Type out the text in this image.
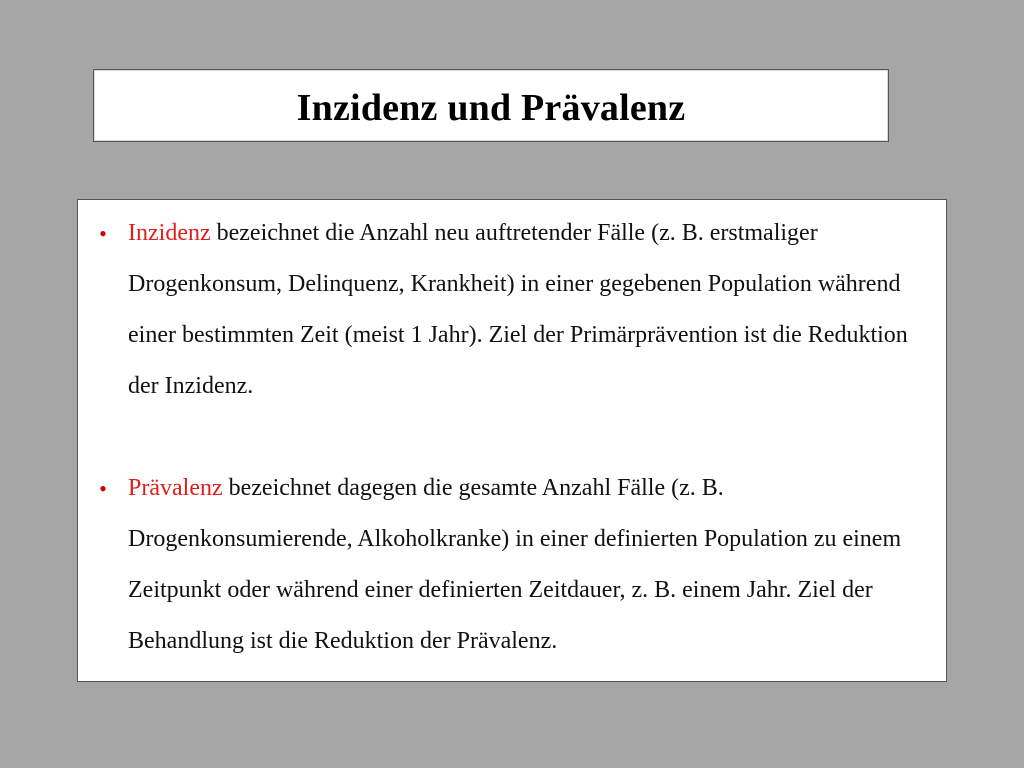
Inzidenz und Prävalenz
• Inzidenz bezeichnet die Anzahl neu auftretender Fälle (z. B. erstmaliger Drogenkonsum, Delinquenz, Krankheit) in einer gegebenen Population während einer bestimmten Zeit (meist 1 Jahr). Ziel der Primärprävention ist die Reduktion der Inzidenz.
• Prävalenz bezeichnet dagegen die gesamte Anzahl Fälle (z. B. Drogenkonsumierende, Alkoholkranke) in einer definierten Population zu einem Zeitpunkt oder während einer definierten Zeitdauer, z. B. einem Jahr. Ziel der Behandlung ist die Reduktion der Prävalenz.
